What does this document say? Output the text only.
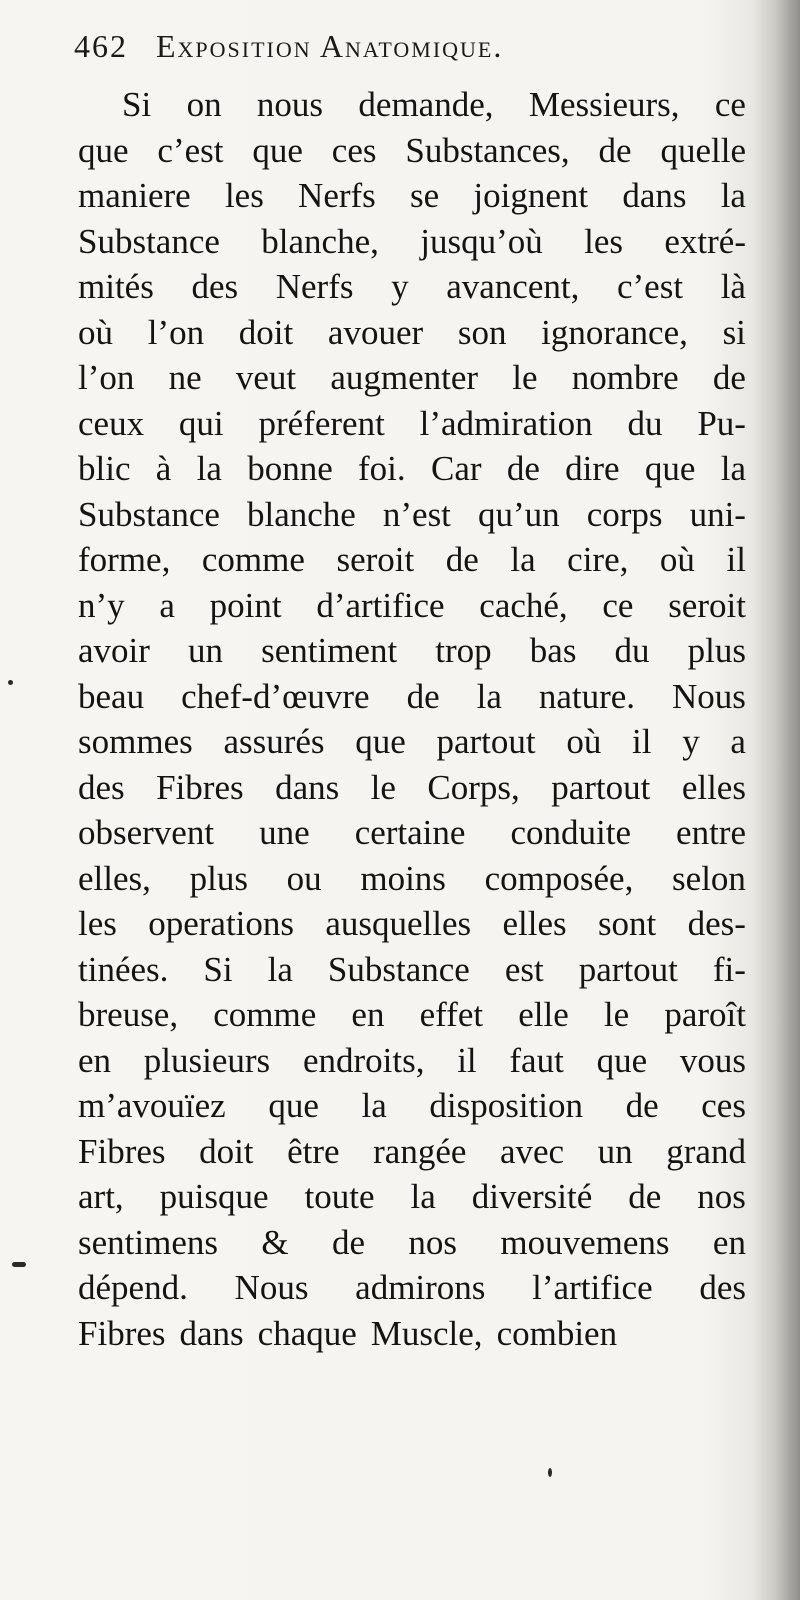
462 Exposition Anatomique.
Si on nous demande, Messieurs, ce
que c’est que ces Substances, de quelle
maniere les Nerfs se joignent dans la
Substance blanche, jusqu’où les extré-
mités des Nerfs y avancent, c’est là
où l’on doit avouer son ignorance, si
l’on ne veut augmenter le nombre de
ceux qui préferent l’admiration du Pu-
blic à la bonne foi. Car de dire que la
Substance blanche n’est qu’un corps uni-
forme, comme seroit de la cire, où il
n’y a point d’artifice caché, ce seroit
avoir un sentiment trop bas du plus
beau chef-d’œuvre de la nature. Nous
sommes assurés que partout où il y a
des Fibres dans le Corps, partout elles
observent une certaine conduite entre
elles, plus ou moins composée, selon
les operations ausquelles elles sont des-
tinées. Si la Substance est partout fi-
breuse, comme en effet elle le paroît
en plusieurs endroits, il faut que vous
m’avouïez que la disposition de ces
Fibres doit être rangée avec un grand
art, puisque toute la diversité de nos
sentimens & de nos mouvemens en
dépend. Nous admirons l’artifice des
Fibres dans chaque Muscle, combien
